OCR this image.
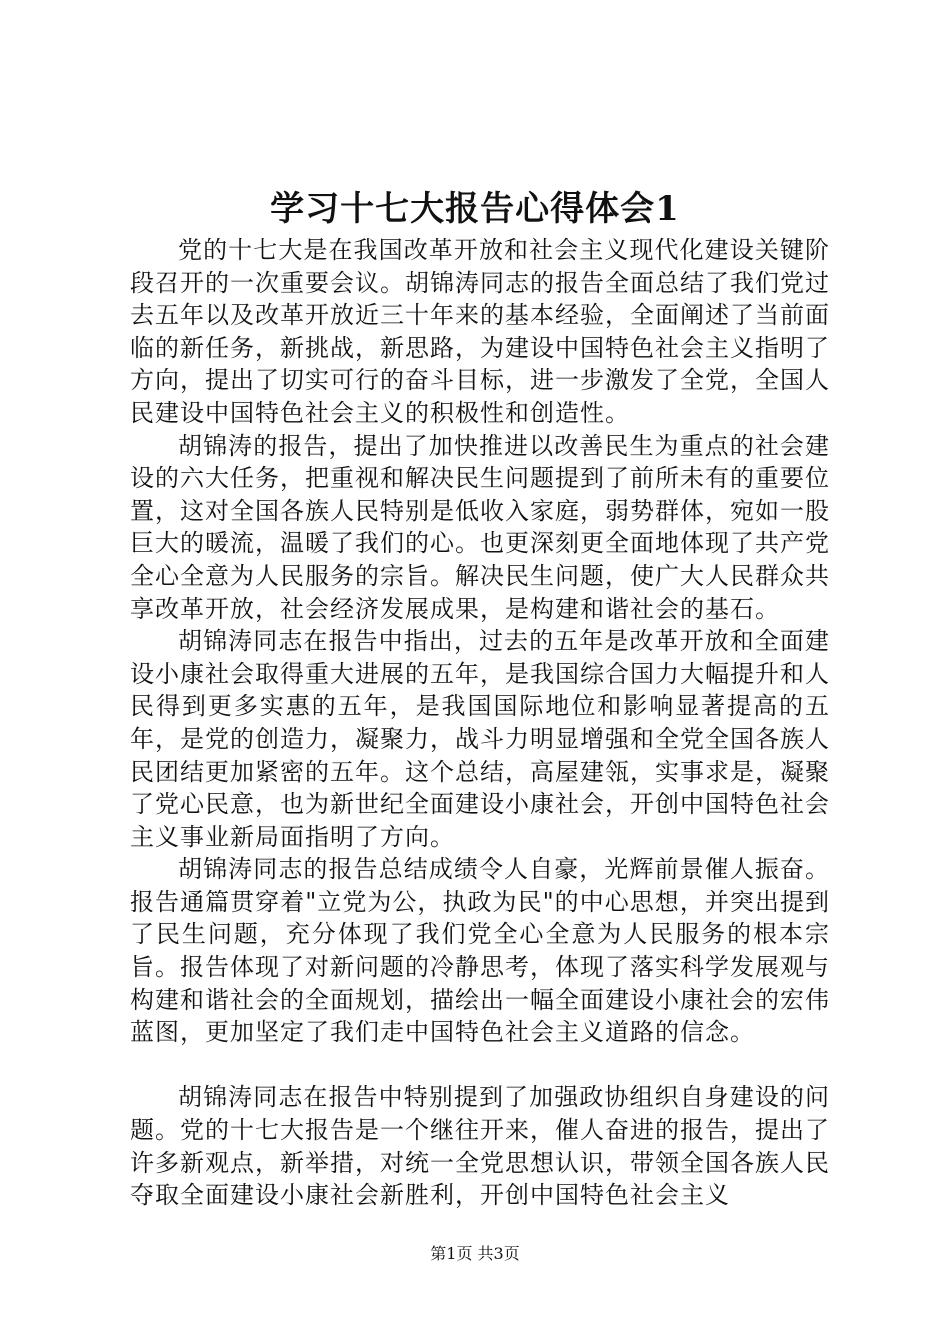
学习十七大报告心得体会1

党的十七大是在我国改革开放和社会主义现代化建设关键阶段召开的一次重要会议。胡锦涛同志的报告全面总结了我们党过去五年以及改革开放近三十年来的基本经验，全面阐述了当前面临的新任务，新挑战，新思路，为建设中国特色社会主义指明了方向，提出了切实可行的奋斗目标，进一步激发了全党，全国人民建设中国特色社会主义的积极性和创造性。

胡锦涛的报告，提出了加快推进以改善民生为重点的社会建设的六大任务，把重视和解决民生问题提到了前所未有的重要位置，这对全国各族人民特别是低收入家庭，弱势群体，宛如一股巨大的暖流，温暖了我们的心。也更深刻更全面地体现了共产党全心全意为人民服务的宗旨。解决民生问题，使广大人民群众共享改革开放，社会经济发展成果，是构建和谐社会的基石。

胡锦涛同志在报告中指出，过去的五年是改革开放和全面建设小康社会取得重大进展的五年，是我国综合国力大幅提升和人民得到更多实惠的五年，是我国国际地位和影响显著提高的五年，是党的创造力，凝聚力，战斗力明显增强和全党全国各族人民团结更加紧密的五年。这个总结，高屋建瓴，实事求是，凝聚了党心民意，也为新世纪全面建设小康社会，开创中国特色社会主义事业新局面指明了方向。

胡锦涛同志的报告总结成绩令人自豪，光辉前景催人振奋。报告通篇贯穿着"立党为公，执政为民"的中心思想，并突出提到了民生问题，充分体现了我们党全心全意为人民服务的根本宗旨。报告体现了对新问题的冷静思考，体现了落实科学发展观与构建和谐社会的全面规划，描绘出一幅全面建设小康社会的宏伟蓝图，更加坚定了我们走中国特色社会主义道路的信念。

胡锦涛同志在报告中特别提到了加强政协组织自身建设的问题。党的十七大报告是一个继往开来，催人奋进的报告，提出了许多新观点，新举措，对统一全党思想认识，带领全国各族人民夺取全面建设小康社会新胜利，开创中国特色社会主义

第1页 共3页
